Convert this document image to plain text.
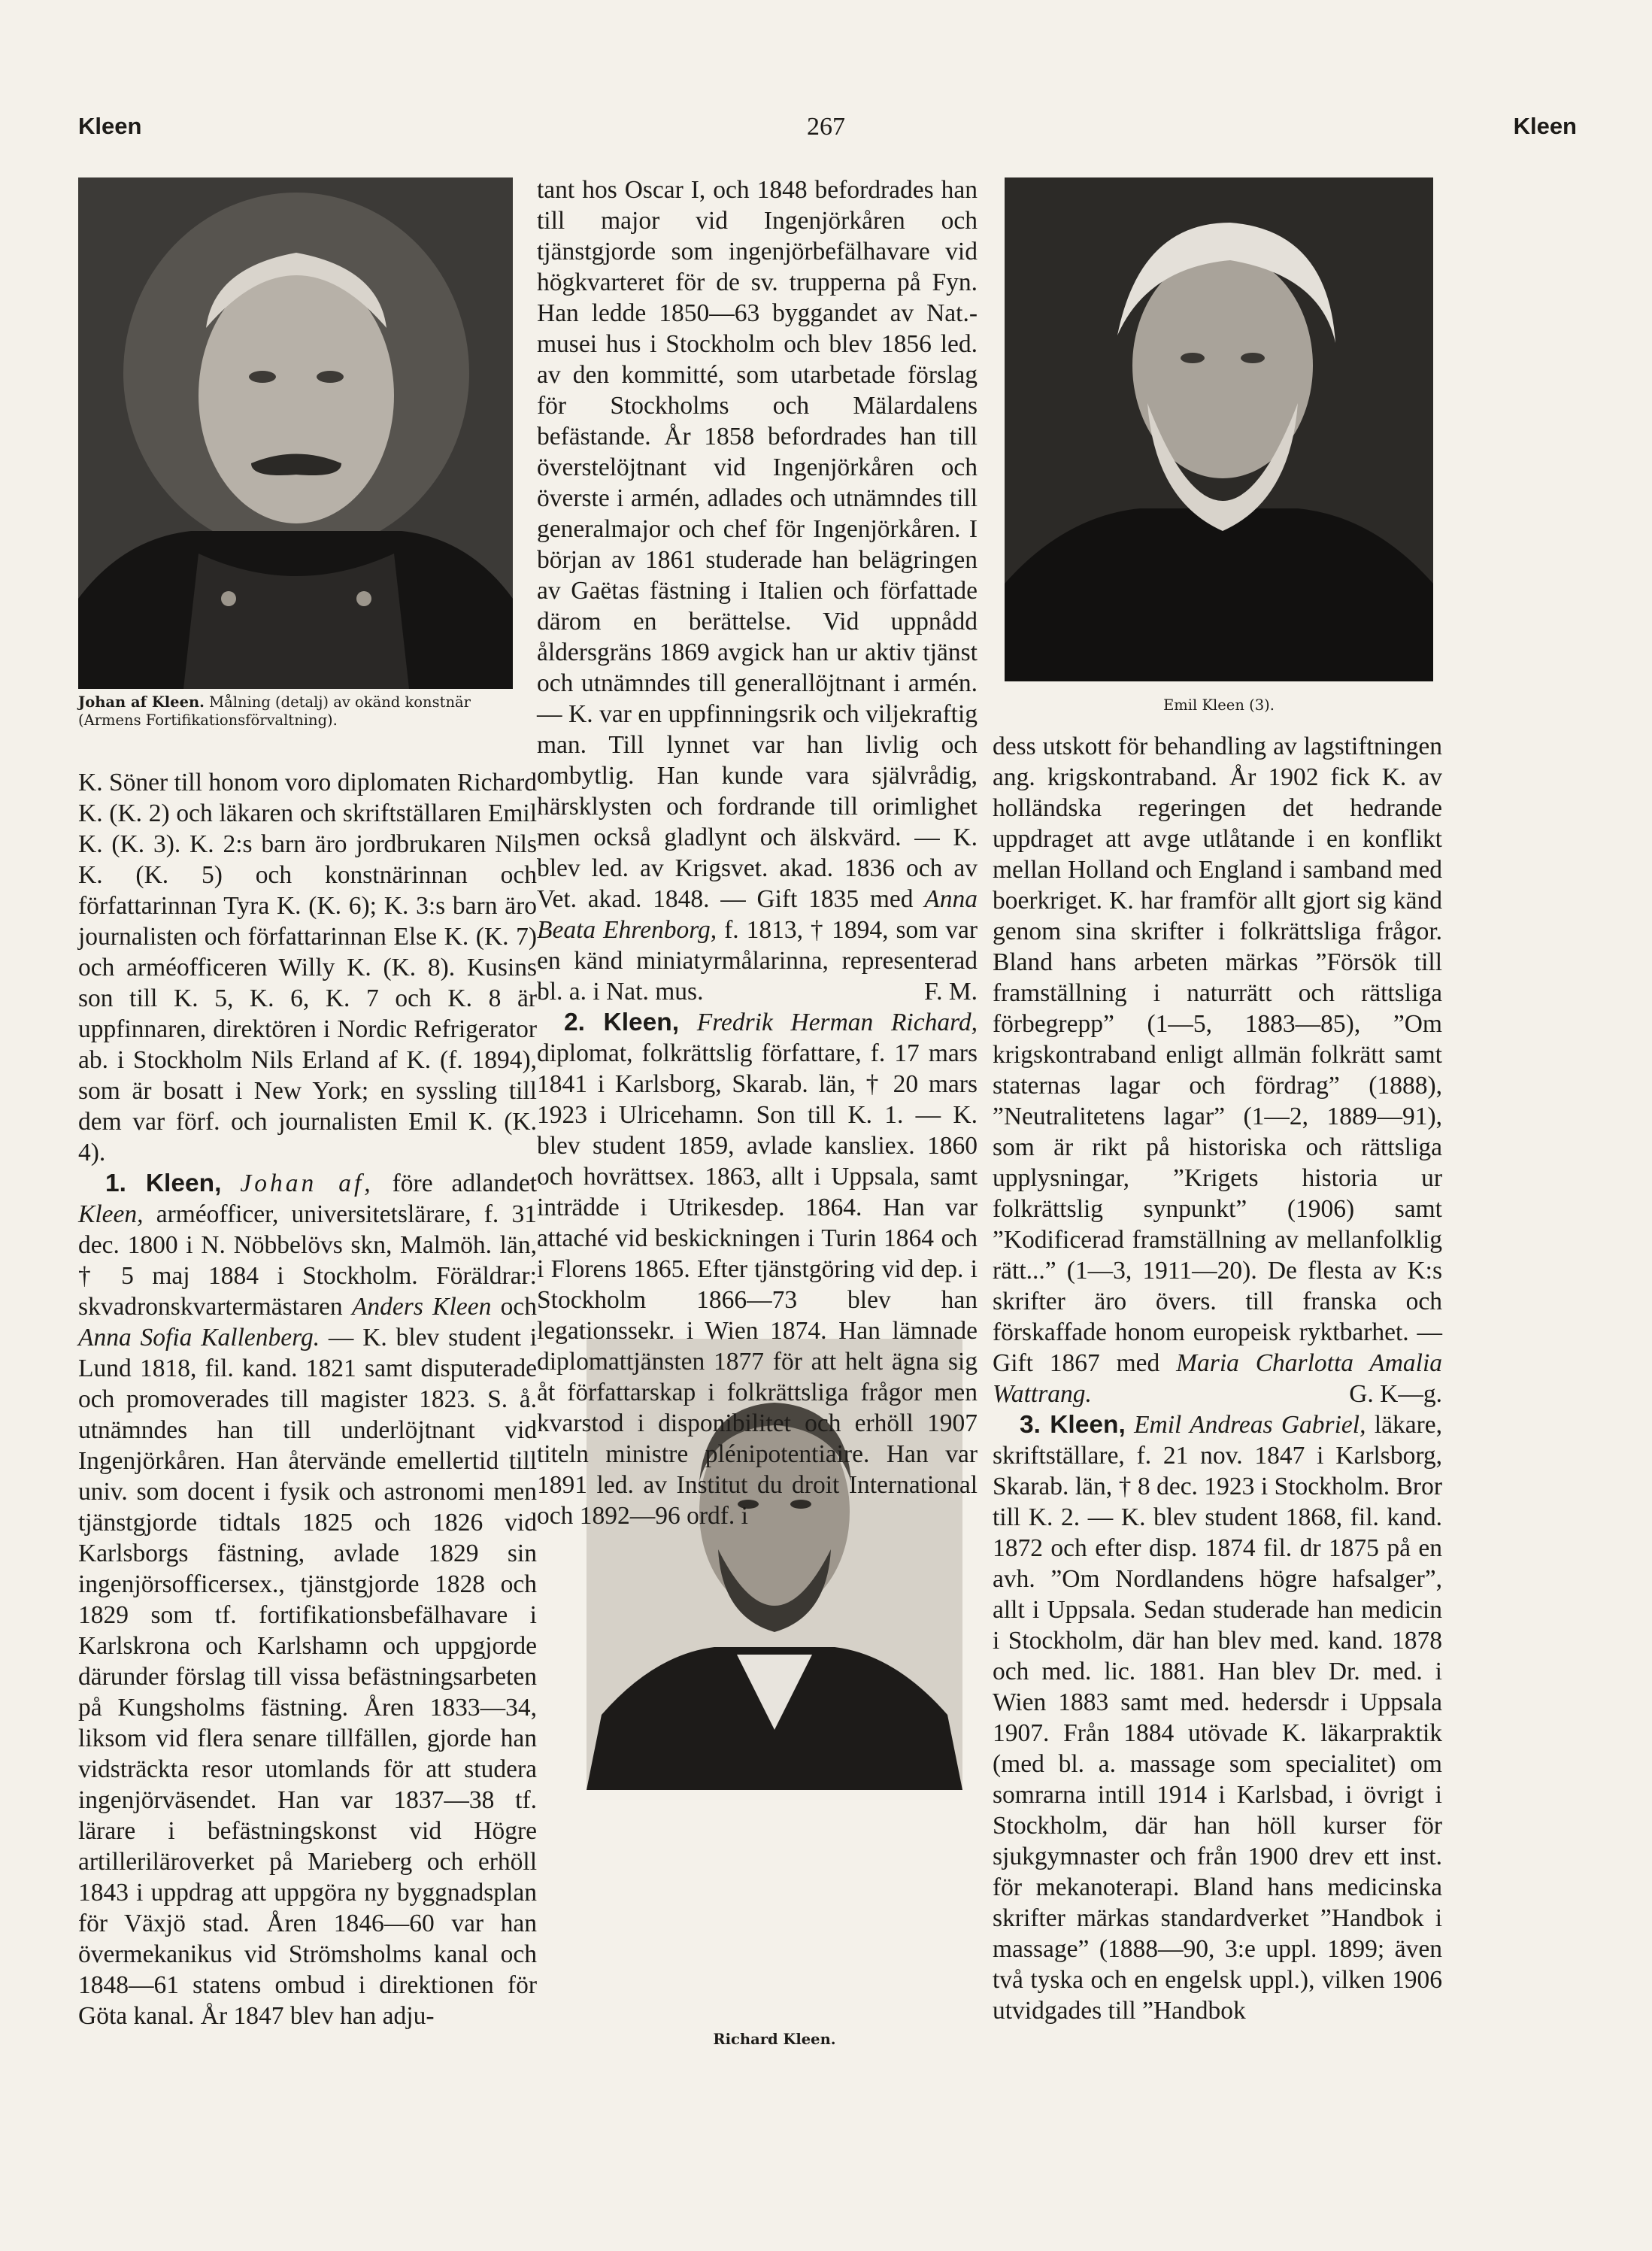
Kleen	267	Kleen
Johan af Kleen. Målning (detalj) av okänd konstnär (Armens Fortifikationsförvaltning).
Emil Kleen (3).
Richard Kleen.

K. Söner till honom voro diplomaten Richard K. (K. 2) och läkaren och skriftställaren Emil K. (K. 3). K. 2:s barn äro jordbrukaren Nils K. (K. 5) och konstnärinnan och författarinnan Tyra K. (K. 6); K. 3:s barn äro journalisten och författarinnan Else K. (K. 7) och arméofficeren Willy K. (K. 8). Kusins son till K. 5, K. 6, K. 7 och K. 8 är uppfinnaren, direktören i Nordic Refrigerator ab. i Stockholm Nils Erland af K. (f. 1894), som är bosatt i New York; en syssling till dem var förf. och journalisten Emil K. (K. 4).

1. Kleen, Johan af, före adlandet Kleen, arméofficer, universitetslärare, f. 31 dec. 1800 i N. Nöbbelövs skn, Malmöh. län, † 5 maj 1884 i Stockholm. Föräldrar: skvadronskvartermästaren Anders Kleen och Anna Sofia Kallenberg. — K. blev student i Lund 1818, fil. kand. 1821 samt disputerade och promoverades till magister 1823. S. å. utnämndes han till underlöjtnant vid Ingenjörkåren. Han återvände emellertid till univ. som docent i fysik och astronomi men tjänstgjorde tidtals 1825 och 1826 vid Karlsborgs fästning, avlade 1829 sin ingenjörsofficersex., tjänstgjorde 1828 och 1829 som tf. fortifikationsbefälhavare i Karlskrona och Karlshamn och uppgjorde därunder förslag till vissa befästningsarbeten på Kungsholms fästning. Åren 1833—34, liksom vid flera senare tillfällen, gjorde han vidsträckta resor utomlands för att studera ingenjörväsendet. Han var 1837—38 tf. lärare i befästningskonst vid Högre artilleriläroverket på Marieberg och erhöll 1843 i uppdrag att uppgöra ny byggnadsplan för Växjö stad. Åren 1846—60 var han övermekanikus vid Strömsholms kanal och 1848—61 statens ombud i direktionen för Göta kanal. År 1847 blev han adju-

tant hos Oscar I, och 1848 befordrades han till major vid Ingenjörkåren och tjänstgjorde som ingenjörbefälhavare vid högkvarteret för de sv. trupperna på Fyn. Han ledde 1850—63 byggandet av Nat.-musei hus i Stockholm och blev 1856 led. av den kommitté, som utarbetade förslag för Stockholms och Mälardalens befästande. År 1858 befordrades han till överstelöjtnant vid Ingenjörkåren och överste i armén, adlades och utnämndes till generalmajor och chef för Ingenjörkåren. I början av 1861 studerade han belägringen av Gaëtas fästning i Italien och författade därom en berättelse. Vid uppnådd åldersgräns 1869 avgick han ur aktiv tjänst och utnämndes till generallöjtnant i armén. — K. var en uppfinningsrik och viljekraftig man. Till lynnet var han livlig och ombytlig. Han kunde vara självrådig, härsklysten och fordrande till orimlighet men också gladlynt och älskvärd. — K. blev led. av Krigsvet. akad. 1836 och av Vet. akad. 1848. — Gift 1835 med Anna Beata Ehrenborg, f. 1813, † 1894, som var en känd miniatyrmålarinna, representerad bl. a. i Nat. mus.	F. M.

2. Kleen, Fredrik Herman Richard, diplomat, folkrättslig författare, f. 17 mars 1841 i Karlsborg, Skarab. län, † 20 mars 1923 i Ulricehamn. Son till K. 1. — K. blev student 1859, avlade kansliex. 1860 och hovrättsex. 1863, allt i Uppsala, samt inträdde i Utrikesdep. 1864. Han var attaché vid beskickningen i Turin 1864 och i Florens 1865. Efter tjänstgöring vid dep. i Stockholm 1866—73 blev han legationssekr. i Wien 1874. Han lämnade diplomattjänsten 1877 för att helt ägna sig åt författarskap i folkrättsliga frågor men kvarstod i disponibilitet och erhöll 1907 titeln ministre plénipotentiaire. Han var 1891 led. av Institut du droit International och 1892—96 ordf. i

dess utskott för behandling av lagstiftningen ang. krigskontraband. År 1902 fick K. av holländska regeringen det hedrande uppdraget att avge utlåtande i en konflikt mellan Holland och England i samband med boerkriget. K. har framför allt gjort sig känd genom sina skrifter i folkrättsliga frågor. Bland hans arbeten märkas ”Försök till framställning i naturrätt och rättsliga förbegrepp” (1—5, 1883—85), ”Om krigskontraband enligt allmän folkrätt samt staternas lagar och fördrag” (1888), ”Neutralitetens lagar” (1—2, 1889—91), som är rikt på historiska och rättsliga upplysningar, ”Krigets historia ur folkrättslig synpunkt” (1906) samt ”Kodificerad framställning av mellanfolklig rätt...” (1—3, 1911—20). De flesta av K:s skrifter äro övers. till franska och förskaffade honom europeisk ryktbarhet. — Gift 1867 med Maria Charlotta Amalia Wattrang.	G. K—g.

3. Kleen, Emil Andreas Gabriel, läkare, skriftställare, f. 21 nov. 1847 i Karlsborg, Skarab. län, † 8 dec. 1923 i Stockholm. Bror till K. 2. — K. blev student 1868, fil. kand. 1872 och efter disp. 1874 fil. dr 1875 på en avh. ”Om Nordlandens högre hafsalger”, allt i Uppsala. Sedan studerade han medicin i Stockholm, där han blev med. kand. 1878 och med. lic. 1881. Han blev Dr. med. i Wien 1883 samt med. hedersdr i Uppsala 1907. Från 1884 utövade K. läkarpraktik (med bl. a. massage som specialitet) om somrarna intill 1914 i Karlsbad, i övrigt i Stockholm, där han höll kurser för sjukgymnaster och från 1900 drev ett inst. för mekanoterapi. Bland hans medicinska skrifter märkas standardverket ”Handbok i massage” (1888—90, 3:e uppl. 1899; även två tyska och en engelsk uppl.), vilken 1906 utvidgades till ”Handbok
